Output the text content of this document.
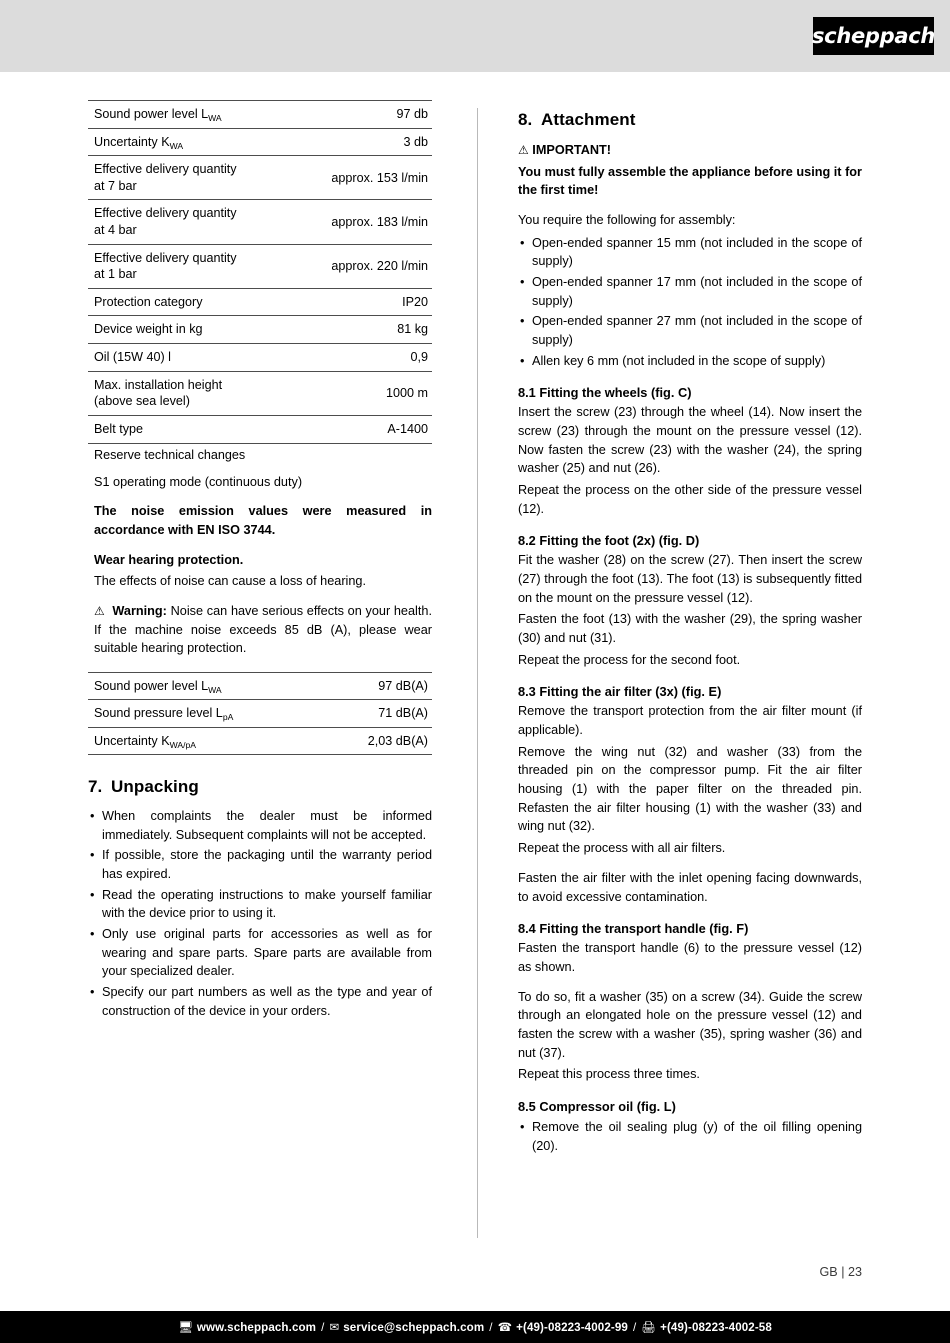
scheppach
Sound power level $L_{WA}$	97 db
Uncertainty $K_{WA}$	3 db
Effective delivery quantity
at 7 bar	approx. 153 l/min
Effective delivery quantity
at 4 bar	approx. 183 l/min
Effective delivery quantity
at 1 bar	approx. 220 l/min
Protection category	IP20
Device weight in kg	81 kg
Oil (15W 40) l	0,9
Max. installation height
(above sea level)	1000 m
Belt type	A-1400
Reserve technical changes

S1 operating mode (continuous duty)

The noise emission values were measured in accordance with EN ISO 3744.

Wear hearing protection.

The effects of noise can cause a loss of hearing.

⚠ Warning: Noise can have serious effects on your health. If the machine noise exceeds 85 dB (A), please wear suitable hearing protection.

Sound power level $L_{WA}$	97 dB(A)
Sound pressure level $L_{pA}$	71 dB(A)
Uncertainty $K_{WA/pA}$	2,03 dB(A)
7. Unpacking
• When complaints the dealer must be informed immediately. Subsequent complaints will not be accepted.
• If possible, store the packaging until the warranty period has expired.
• Read the operating instructions to make yourself familiar with the device prior to using it.
• Only use original parts for accessories as well as for wearing and spare parts. Spare parts are available from your specialized dealer.
• Specify our part numbers as well as the type and year of construction of the device in your orders.
8. Attachment

⚠ IMPORTANT!

You must fully assemble the appliance before using it for the first time!

You require the following for assembly:

• Open-ended spanner 15 mm (not included in the scope of supply)
• Open-ended spanner 17 mm (not included in the scope of supply)
• Open-ended spanner 27 mm (not included in the scope of supply)
• Allen key 6 mm (not included in the scope of supply)
8.1 Fitting the wheels (fig. C)

Insert the screw (23) through the wheel (14). Now insert the screw (23) through the mount on the pressure vessel (12). Now fasten the screw (23) with the washer (24), the spring washer (25) and nut (26).

Repeat the process on the other side of the pressure vessel (12).

8.2 Fitting the foot (2x) (fig. D)

Fit the washer (28) on the screw (27). Then insert the screw (27) through the foot (13). The foot (13) is subsequently fitted on the mount on the pressure vessel (12).

Fasten the foot (13) with the washer (29), the spring washer (30) and nut (31).

Repeat the process for the second foot.

8.3 Fitting the air filter (3x) (fig. E)

Remove the transport protection from the air filter mount (if applicable).

Remove the wing nut (32) and washer (33) from the threaded pin on the compressor pump. Fit the air filter housing (1) with the paper filter on the threaded pin. Refasten the air filter housing (1) with the washer (33) and wing nut (32).

Repeat the process with all air filters.

Fasten the air filter with the inlet opening facing downwards, to avoid excessive contamination.

8.4 Fitting the transport handle (fig. F)

Fasten the transport handle (6) to the pressure vessel (12) as shown.

To do so, fit a washer (35) on a screw (34). Guide the screw through an elongated hole on the pressure vessel (12) and fasten the screw with a washer (35), spring washer (36) and nut (37).

Repeat this process three times.

8.5 Compressor oil (fig. L)
• Remove the oil sealing plug (y) of the oil filling opening (20).
GB | 23
🖥 www.scheppach.com / ✉ service@scheppach.com / ☎ +(49)-08223-4002-99 / 🖨 +(49)-08223-4002-58
